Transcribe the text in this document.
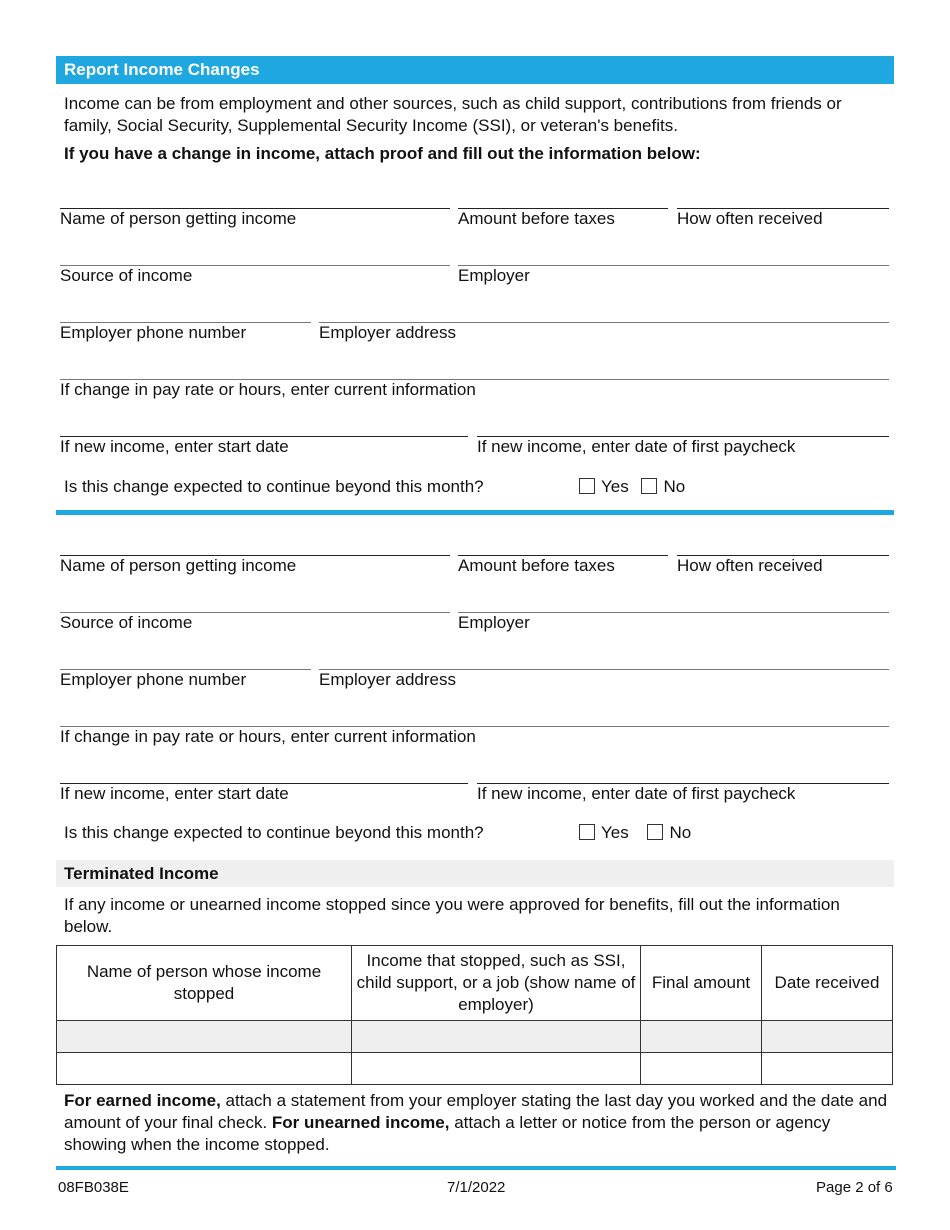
Report Income Changes
Income can be from employment and other sources, such as child support, contributions from friends or family, Social Security, Supplemental Security Income (SSI), or veteran's benefits.
If you have a change in income, attach proof and fill out the information below:
Name of person getting income	Amount before taxes	How often received
Source of income	Employer
Employer phone number	Employer address
If change in pay rate or hours, enter current information
If new income, enter start date	If new income, enter date of first paycheck
Is this change expected to continue beyond this month?	Yes No
Name of person getting income	Amount before taxes	How often received
Source of income	Employer
Employer phone number	Employer address
If change in pay rate or hours, enter current information
If new income, enter start date	If new income, enter date of first paycheck
Is this change expected to continue beyond this month?	Yes No
Terminated Income
If any income or unearned income stopped since you were approved for benefits, fill out the information below.
Name of person whose income stopped	Income that stopped, such as SSI, child support, or a job (show name of employer)	Final amount	Date received

For earned income, attach a statement from your employer stating the last day you worked and the date and amount of your final check. For unearned income, attach a letter or notice from the person or agency showing when the income stopped.
08FB038E	7/1/2022	Page 2 of 6
